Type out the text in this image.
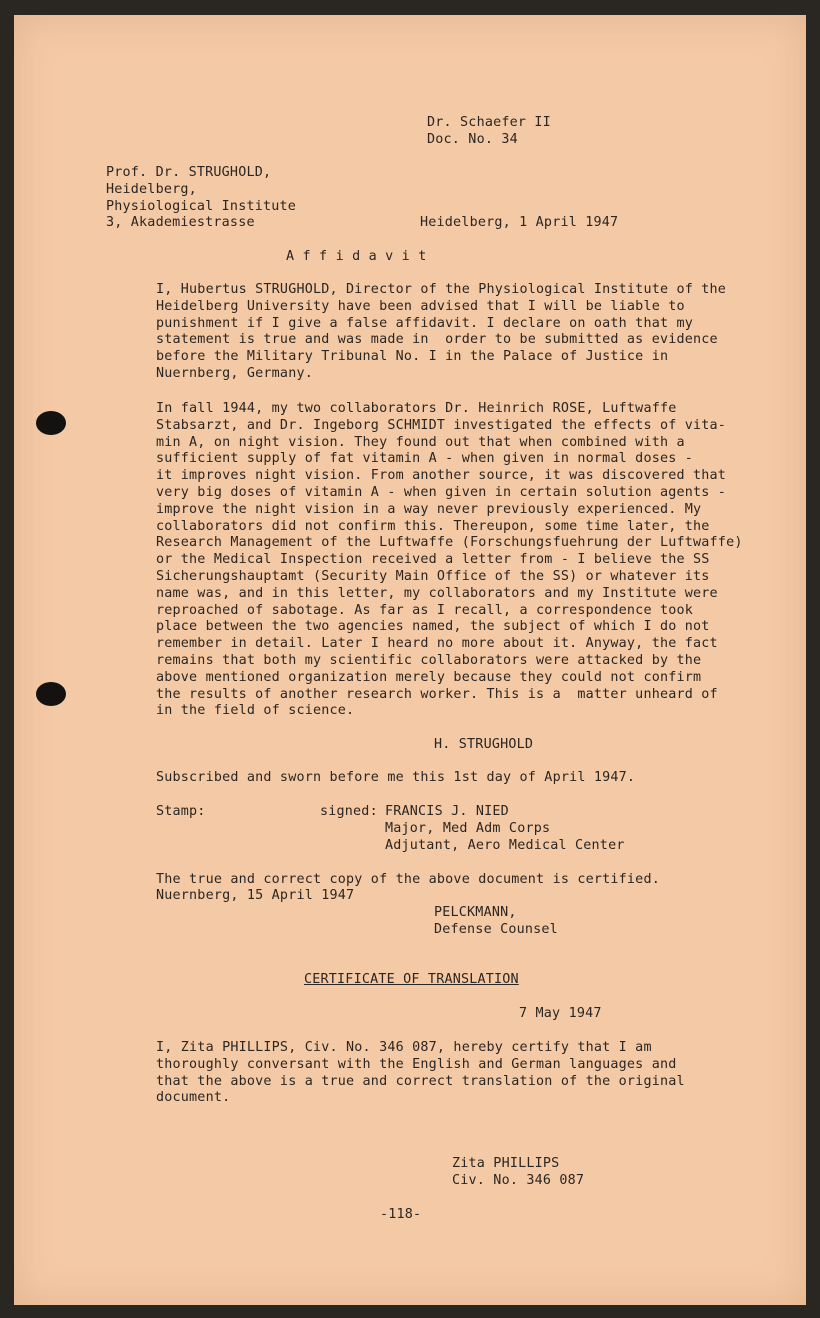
Dr. Schaefer II
Doc. No. 34
Prof. Dr. STRUGHOLD,
Heidelberg,
Physiological Institute
3, Akademiestrasse	Heidelberg, 1 April 1947
A f f i d a v i t
I, Hubertus STRUGHOLD, Director of the Physiological Institute of the
Heidelberg University have been advised that I will be liable to
punishment if I give a false affidavit. I declare on oath that my
statement is true and was made in  order to be submitted as evidence
before the Military Tribunal No. I in the Palace of Justice in
Nuernberg, Germany.
In fall 1944, my two collaborators Dr. Heinrich ROSE, Luftwaffe
Stabsarzt, and Dr. Ingeborg SCHMIDT investigated the effects of vita-
min A, on night vision. They found out that when combined with a
sufficient supply of fat vitamin A - when given in normal doses -
it improves night vision. From another source, it was discovered that
very big doses of vitamin A - when given in certain solution agents -
improve the night vision in a way never previously experienced. My
collaborators did not confirm this. Thereupon, some time later, the
Research Management of the Luftwaffe (Forschungsfuehrung der Luftwaffe)
or the Medical Inspection received a letter from - I believe the SS
Sicherungshauptamt (Security Main Office of the SS) or whatever its
name was, and in this letter, my collaborators and my Institute were
reproached of sabotage. As far as I recall, a correspondence took
place between the two agencies named, the subject of which I do not
remember in detail. Later I heard no more about it. Anyway, the fact
remains that both my scientific collaborators were attacked by the
above mentioned organization merely because they could not confirm
the results of another research worker. This is a  matter unheard of
in the field of science.
H. STRUGHOLD
Subscribed and sworn before me this 1st day of April 1947.
Stamp:	signed: FRANCIS J. NIED
Major, Med Adm Corps
Adjutant, Aero Medical Center
The true and correct copy of the above document is certified.
Nuernberg, 15 April 1947
PELCKMANN,
Defense Counsel
CERTIFICATE OF TRANSLATION
7 May 1947
I, Zita PHILLIPS, Civ. No. 346 087, hereby certify that I am
thoroughly conversant with the English and German languages and
that the above is a true and correct translation of the original
document.
Zita PHILLIPS
Civ. No. 346 087
-118-
